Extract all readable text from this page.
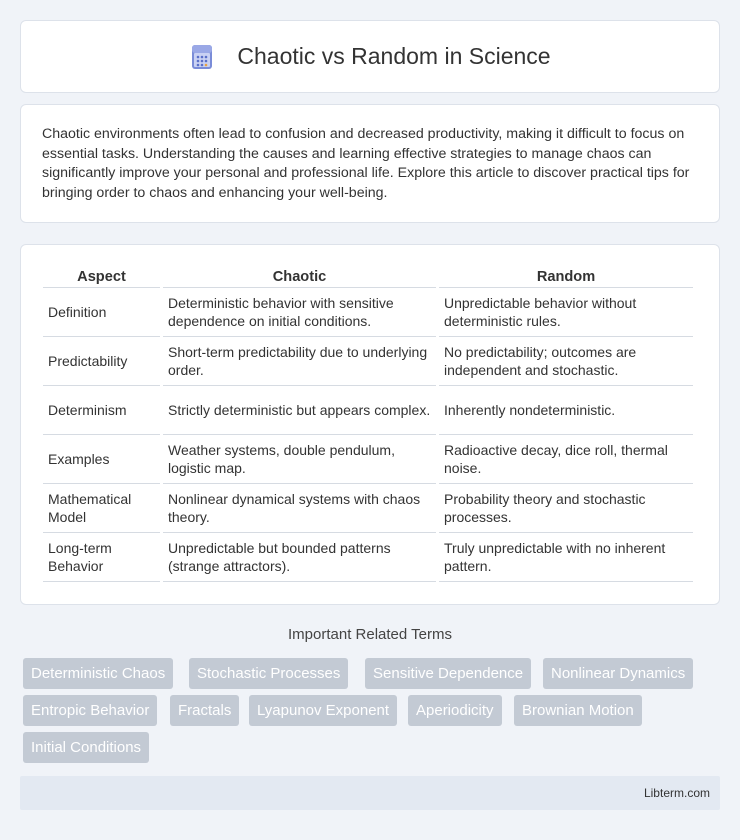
Chaotic vs Random in Science

Chaotic environments often lead to confusion and decreased productivity, making it difficult to focus on essential tasks. Understanding the causes and learning effective strategies to manage chaos can significantly improve your personal and professional life. Explore this article to discover practical tips for bringing order to chaos and enhancing your well-being.

Aspect	Chaotic	Random
Definition	Deterministic behavior with sensitive dependence on initial conditions.	Unpredictable behavior without deterministic rules.
Predictability	Short-term predictability due to underlying order.	No predictability; outcomes are independent and stochastic.
Determinism	Strictly deterministic but appears complex.	Inherently nondeterministic.
Examples	Weather systems, double pendulum, logistic map.	Radioactive decay, dice roll, thermal noise.
Mathematical Model	Nonlinear dynamical systems with chaos theory.	Probability theory and stochastic processes.
Long-term Behavior	Unpredictable but bounded patterns (strange attractors).	Truly unpredictable with no inherent pattern.
Important Related Terms
Deterministic Chaos	Stochastic Processes	Sensitive Dependence	Nonlinear Dynamics
Entropic Behavior	Fractals	Lyapunov Exponent	Aperiodicity	Brownian Motion
Initial Conditions
Libterm.com
